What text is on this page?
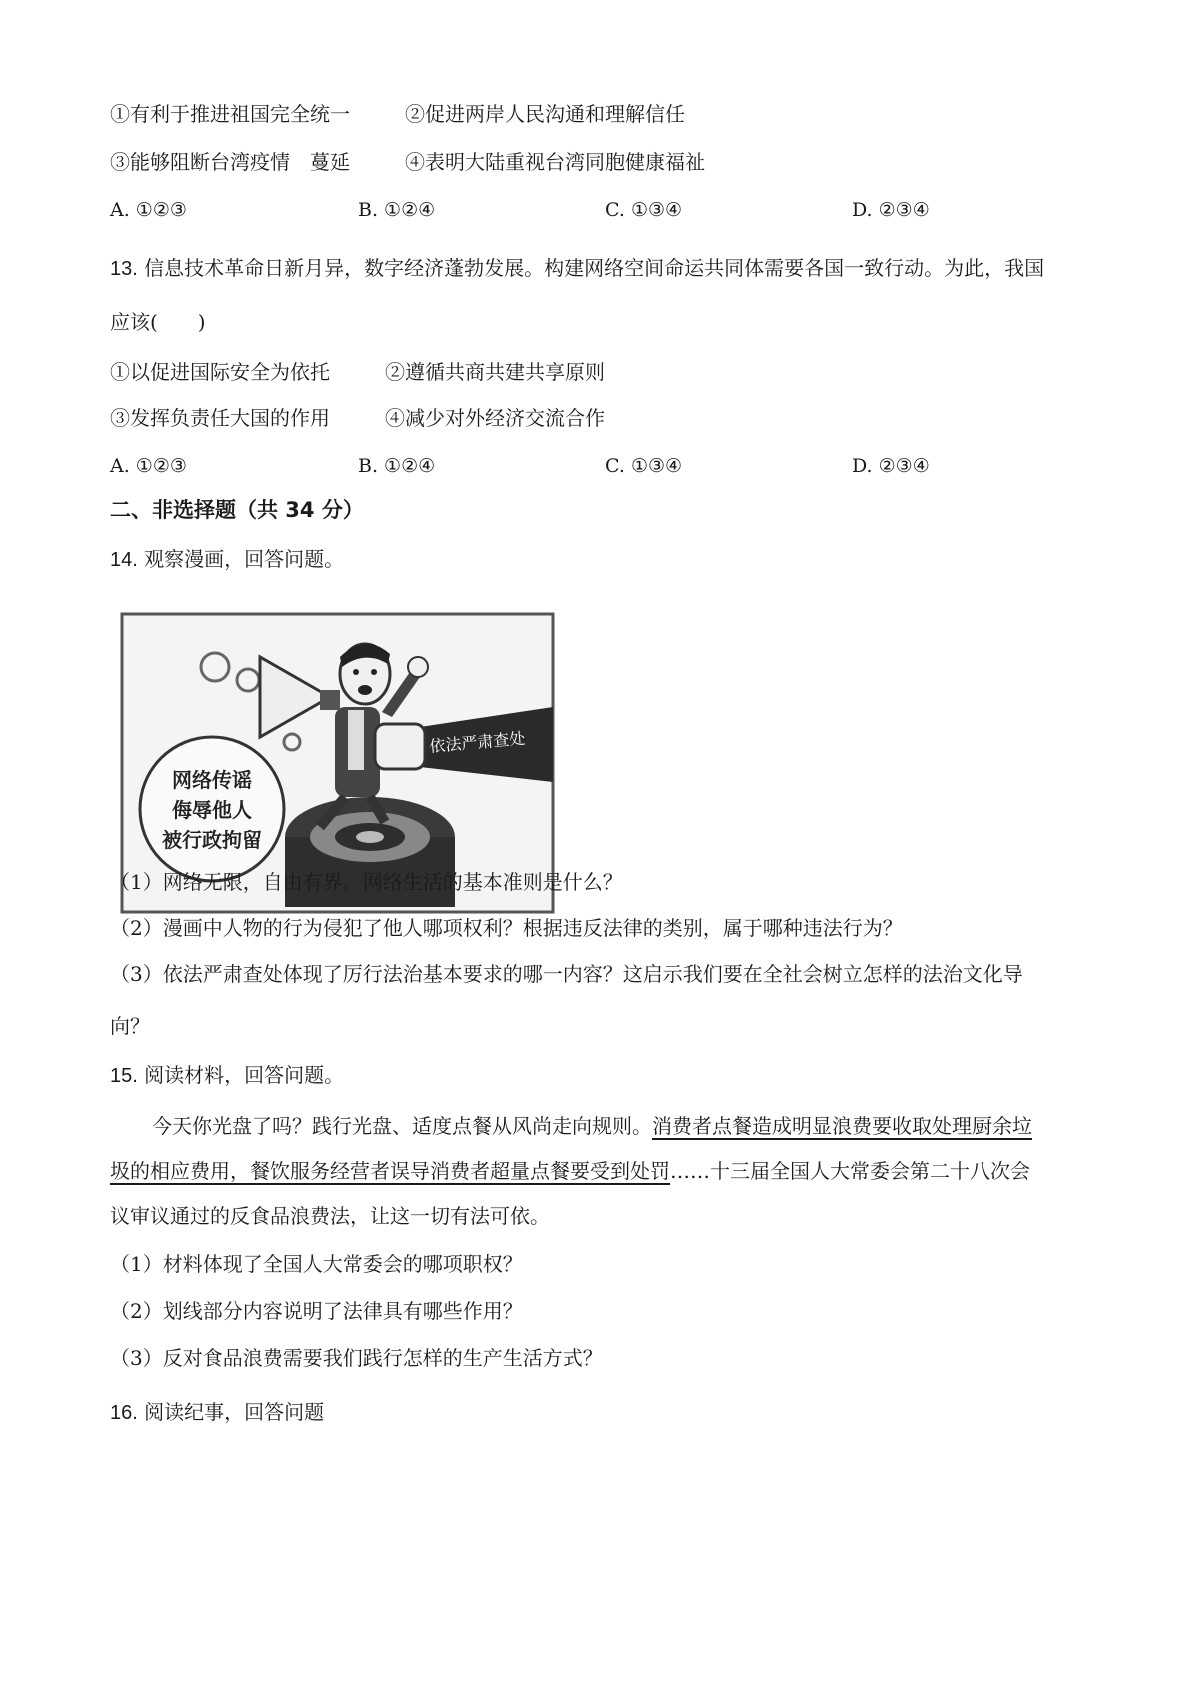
①有利于推进祖国完全统一	②促进两岸人民沟通和理解信任
③能够阻断台湾疫情　蔓延	④表明大陆重视台湾同胞健康福祉
A. ①②③	B. ①②④	C. ①③④	D. ②③④
13. 信息技术革命日新月异，数字经济蓬勃发展。构建网络空间命运共同体需要各国一致行动。为此，我国
应该(　　)
①以促进国际安全为依托	②遵循共商共建共享原则
③发挥负责任大国的作用	④减少对外经济交流合作
A. ①②③	B. ①②④	C. ①③④	D. ②③④
二、非选择题（共 34 分）
14. 观察漫画，回答问题。
网络传谣
侮辱他人
被行政拘留
依法严肃查处
（1）网络无限，自由有界。网络生活的基本准则是什么？
（2）漫画中人物的行为侵犯了他人哪项权利？根据违反法律的类别，属于哪种违法行为？
（3）依法严肃查处体现了厉行法治基本要求的哪一内容？这启示我们要在全社会树立怎样的法治文化导
向？
15. 阅读材料，回答问题。
今天你光盘了吗？践行光盘、适度点餐从风尚走向规则。消费者点餐造成明显浪费要收取处理厨余垃
圾的相应费用，餐饮服务经营者误导消费者超量点餐要受到处罚……十三届全国人大常委会第二十八次会
议审议通过的反食品浪费法，让这一切有法可依。
（1）材料体现了全国人大常委会的哪项职权？
（2）划线部分内容说明了法律具有哪些作用？
（3）反对食品浪费需要我们践行怎样的生产生活方式？
16. 阅读纪事，回答问题
